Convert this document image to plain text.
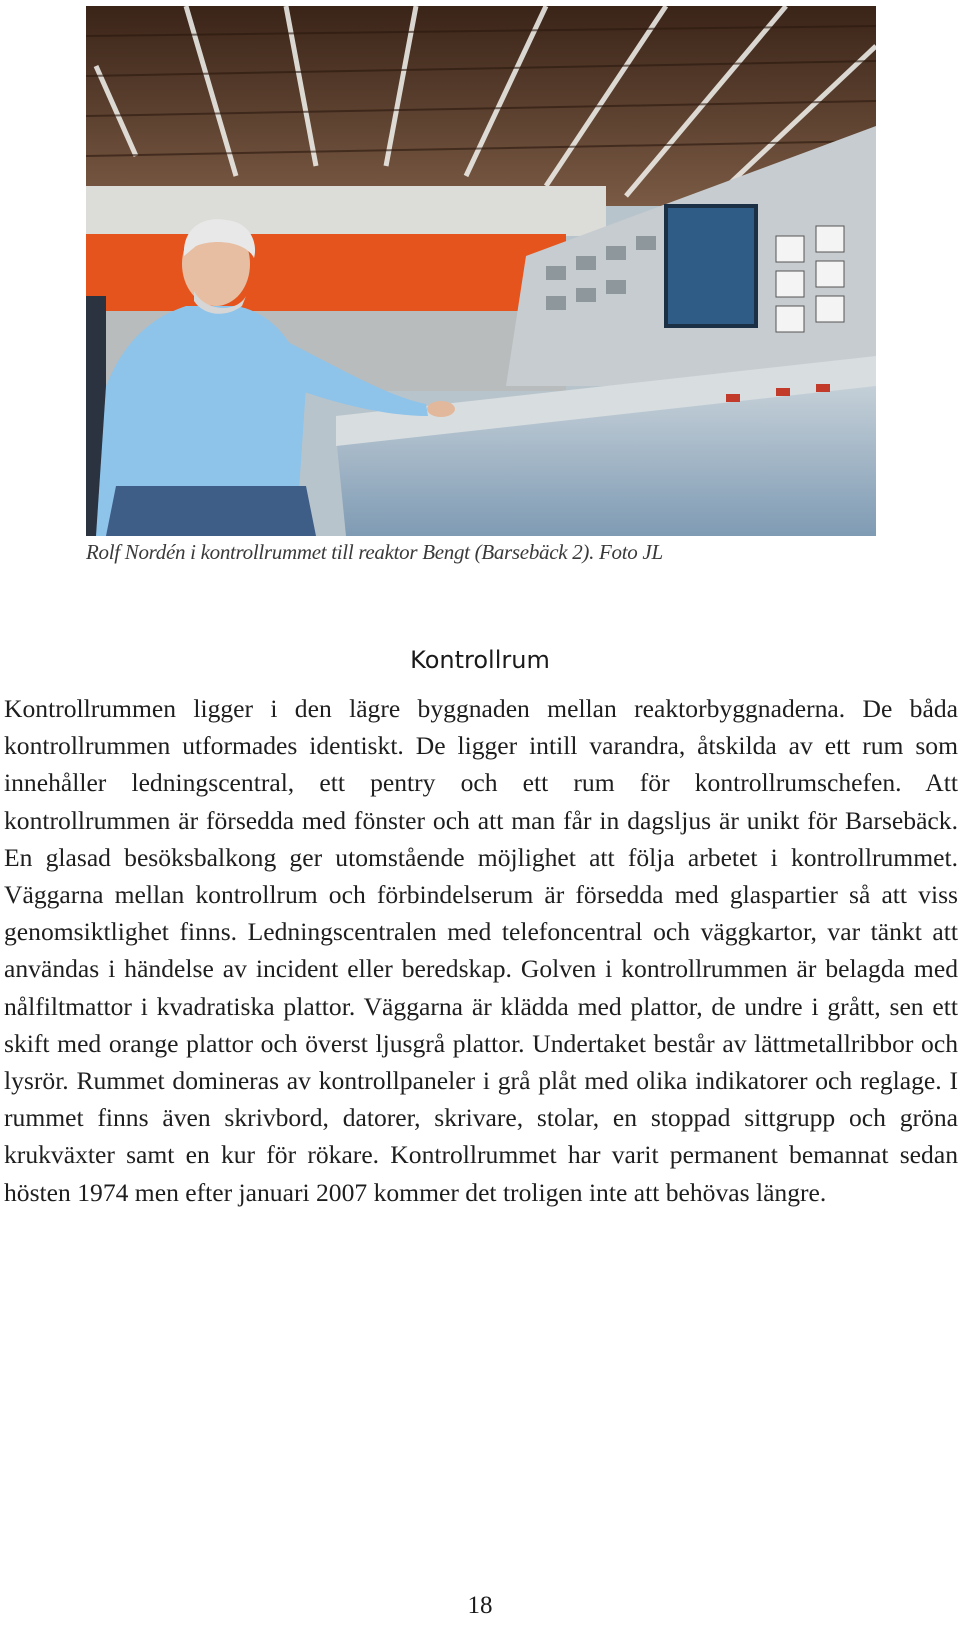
Rolf Nordén i kontrollrummet till reaktor Bengt (Barsebäck 2). Foto JL
Kontrollrum

Kontrollrummen ligger i den lägre byggnaden mellan reaktorbyggnaderna. De båda kontrollrummen utformades identiskt. De ligger intill varandra, åtskilda av ett rum som innehåller ledningscentral, ett pentry och ett rum för kontrollrumschefen. Att kontrollrummen är försedda med fönster och att man får in dagsljus är unikt för Barsebäck. En glasad besöksbalkong ger utomstående möjlighet att följa arbetet i kontrollrummet. Väggarna mellan kontrollrum och förbindelserum är försedda med glaspartier så att viss genomsiktlighet finns. Ledningscentralen med telefoncentral och väggkartor, var tänkt att användas i händelse av incident eller beredskap. Golven i kontrollrummen är belagda med nålfiltmattor i kvadratiska plattor. Väggarna är klädda med plattor, de undre i grått, sen ett skift med orange plattor och överst ljusgrå plattor. Undertaket består av lättmetallribbor och lysrör. Rummet domineras av kontrollpaneler i grå plåt med olika indikatorer och reglage. I rummet finns även skrivbord, datorer, skrivare, stolar, en stoppad sittgrupp och gröna krukväxter samt en kur för rökare. Kontrollrummet har varit permanent bemannat sedan hösten 1974 men efter januari 2007 kommer det troligen inte att behövas längre.

18
